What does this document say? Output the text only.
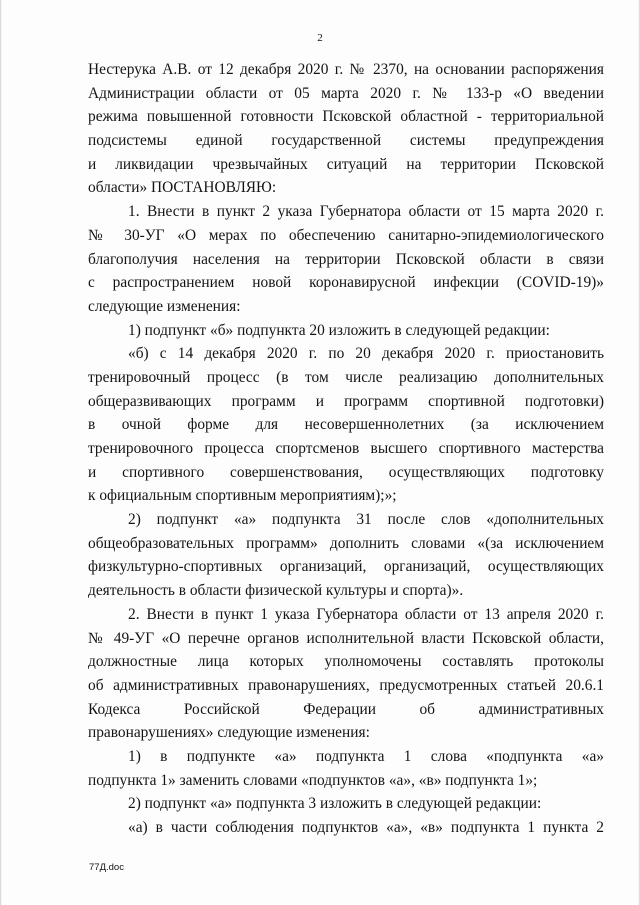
2
Нестерука А.В. от 12 декабря 2020 г. № 2370, на основании распоряжения
Администрации области от 05 марта 2020 г. № 133-р «О введении
режима повышенной готовности Псковской областной - территориальной
подсистемы единой государственной системы предупреждения
и ликвидации чрезвычайных ситуаций на территории Псковской
области» ПОСТАНОВЛЯЮ:
1. Внести в пункт 2 указа Губернатора области от 15 марта 2020 г.
№ 30-УГ «О мерах по обеспечению санитарно-эпидемиологического
благополучия населения на территории Псковской области в связи
с распространением новой коронавирусной инфекции (COVID-19)»
следующие изменения:
1) подпункт «б» подпункта 20 изложить в следующей редакции:
«б) с 14 декабря 2020 г. по 20 декабря 2020 г. приостановить
тренировочный процесс (в том числе реализацию дополнительных
общеразвивающих программ и программ спортивной подготовки)
в очной форме для несовершеннолетних (за исключением
тренировочного процесса спортсменов высшего спортивного мастерства
и спортивного совершенствования, осуществляющих подготовку
к официальным спортивным мероприятиям);»;
2) подпункт «а» подпункта 31 после слов «дополнительных
общеобразовательных программ» дополнить словами «(за исключением
физкультурно-спортивных организаций, организаций, осуществляющих
деятельность в области физической культуры и спорта)».
2. Внести в пункт 1 указа Губернатора области от 13 апреля 2020 г.
№ 49-УГ «О перечне органов исполнительной власти Псковской области,
должностные лица которых уполномочены составлять протоколы
об административных правонарушениях, предусмотренных статьей 20.6.1
Кодекса Российской Федерации об административных
правонарушениях» следующие изменения:
1) в подпункте «а» подпункта 1 слова «подпункта «а»
подпункта 1» заменить словами «подпунктов «а», «в» подпункта 1»;
2) подпункт «а» подпункта 3 изложить в следующей редакции:
«а) в части соблюдения подпунктов «а», «в» подпункта 1 пункта 2
77Д.doc
